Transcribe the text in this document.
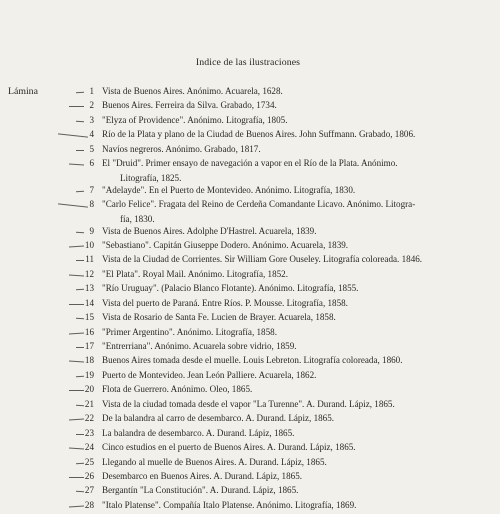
Indice de las ilustraciones
Lámina	1 Vista de Buenos Aires. Anónimo. Acuarela, 1628.
2 Buenos Aires. Ferreira da Silva. Grabado, 1734.
3 "Elyza of Providence". Anónimo. Litografía, 1805.
4 Río de la Plata y plano de la Ciudad de Buenos Aires. John Suffmann. Grabado, 1806.
5 Navíos negreros. Anónimo. Grabado, 1817.
6 El "Druid". Primer ensayo de navegación a vapor en el Río de la Plata. Anónimo.
Litografía, 1825.
7 "Adelayde". En el Puerto de Montevideo. Anónimo. Litografía, 1830.
8 "Carlo Felice". Fragata del Reino de Cerdeña Comandante Licavo. Anónimo. Litogra-
fía, 1830.
9 Vista de Buenos Aires. Adolphe D'Hastrel. Acuarela, 1839.
10 "Sebastiano". Capitán Giuseppe Dodero. Anónimo. Acuarela, 1839.
11 Vista de la Ciudad de Corrientes. Sir William Gore Ouseley. Litografía coloreada. 1846.
12 "El Plata". Royal Mail. Anónimo. Litografía, 1852.
13 "Río Uruguay". (Palacio Blanco Flotante). Anónimo. Litografía, 1855.
14 Vista del puerto de Paraná. Entre Ríos. P. Mousse. Litografía, 1858.
15 Vista de Rosario de Santa Fe. Lucien de Brayer. Acuarela, 1858.
16 "Primer Argentino". Anónimo. Litografía, 1858.
17 "Entrerriana". Anónimo. Acuarela sobre vidrio, 1859.
18 Buenos Aires tomada desde el muelle. Louis Lebreton. Litografía coloreada, 1860.
19 Puerto de Montevideo. Jean León Palliere. Acuarela, 1862.
20 Flota de Guerrero. Anónimo. Oleo, 1865.
21 Vista de la ciudad tomada desde el vapor "La Turenne". A. Durand. Lápiz, 1865.
22 De la balandra al carro de desembarco. A. Durand. Lápiz, 1865.
23 La balandra de desembarco. A. Durand. Lápiz, 1865.
24 Cinco estudios en el puerto de Buenos Aires. A. Durand. Lápiz, 1865.
25 Llegando al muelle de Buenos Aires. A. Durand. Lápiz, 1865.
26 Desembarco en Buenos Aires. A. Durand. Lápiz, 1865.
27 Bergantín "La Constitución". A. Durand. Lápiz, 1865.
28 "Italo Platense". Compañía Italo Platense. Anónimo. Litografía, 1869.
